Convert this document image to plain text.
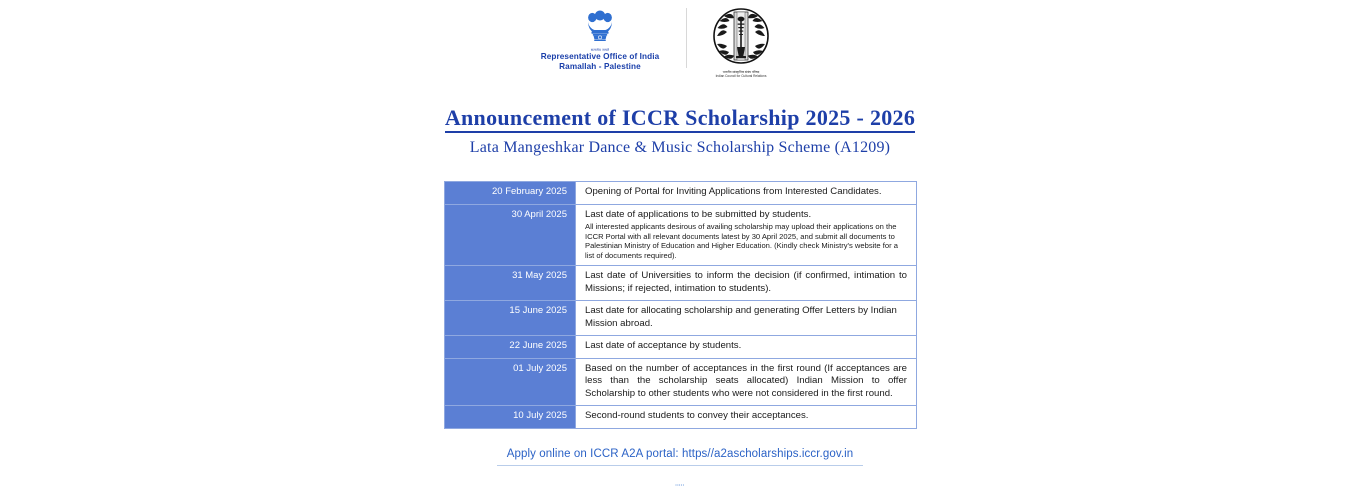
सत्यमेव जयते
Representative Office of India
Ramallah - Palestine
भारतीय सांस्कृतिक संबंध परिषद
Indian Council for Cultural Relations
Announcement of ICCR Scholarship 2025 - 2026
Lata Mangeshkar Dance & Music Scholarship Scheme (A1209)
20 February 2025	Opening of Portal for Inviting Applications from Interested Candidates.

30 April 2025	Last date of applications to be submitted by students.
All interested applicants desirous of availing scholarship may upload their applications on the ICCR Portal with all relevant documents latest by 30 April 2025, and submit all documents to Palestinian Ministry of Education and Higher Education. (Kindly check Ministry's website for a list of documents required).

31 May 2025	Last date of Universities to inform the decision (if confirmed, intimation to Missions; if rejected, intimation to students).

15 June 2025	Last date for allocating scholarship and generating Offer Letters by Indian Mission abroad.

22 June 2025	Last date of acceptance by students.

01 July 2025	Based on the number of acceptances in the first round (If acceptances are less than the scholarship seats allocated) Indian Mission to offer Scholarship to other students who were not considered in the first round.

10 July 2025	Second-round students to convey their acceptances.
Apply online on ICCR A2A portal: https//a2ascholarships.iccr.gov.in
•••••
